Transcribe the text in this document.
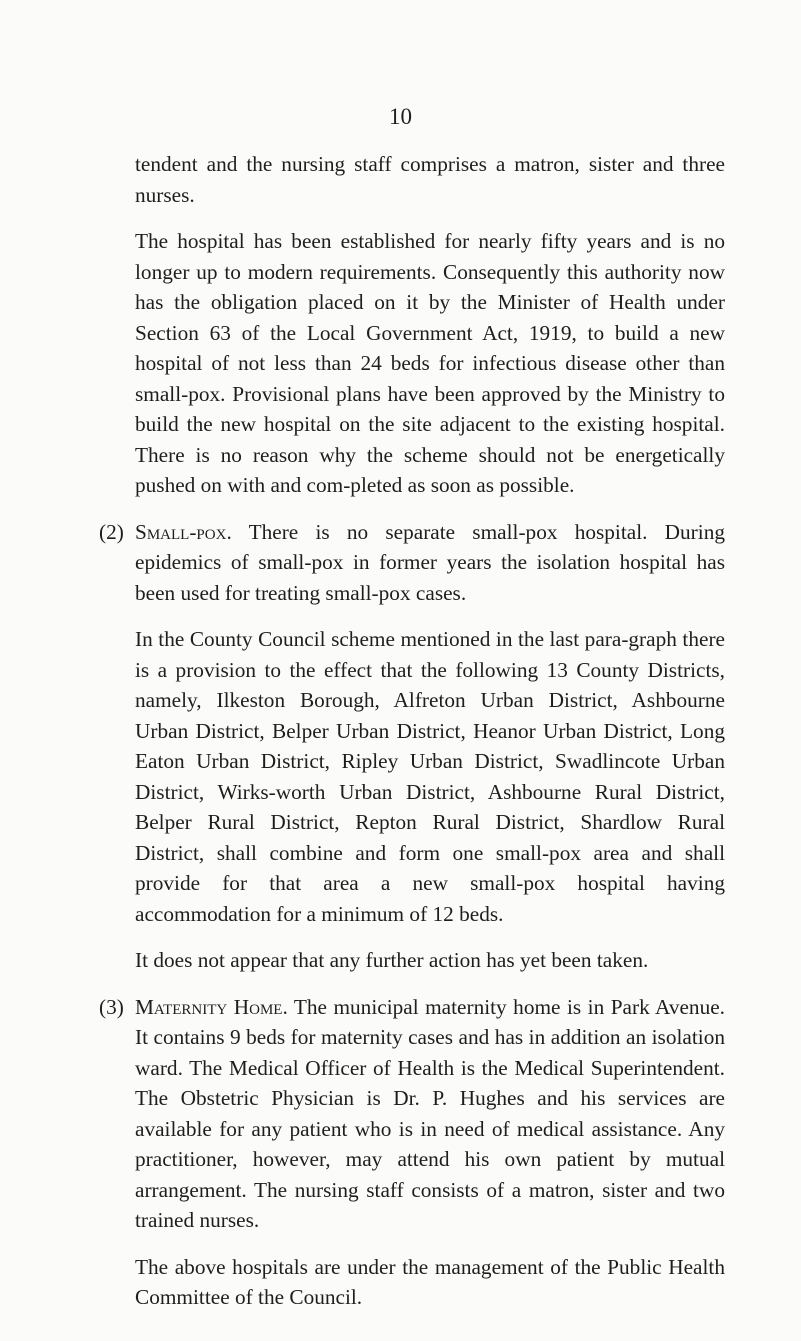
10

tendent and the nursing staff comprises a matron, sister and three nurses.

The hospital has been established for nearly fifty years and is no longer up to modern requirements. Consequently this authority now has the obligation placed on it by the Minister of Health under Section 63 of the Local Government Act, 1919, to build a new hospital of not less than 24 beds for infectious disease other than small-pox. Provisional plans have been approved by the Ministry to build the new hospital on the site adjacent to the existing hospital. There is no reason why the scheme should not be energetically pushed on with and com-pleted as soon as possible.

(2) Small-pox. There is no separate small-pox hospital. During epidemics of small-pox in former years the isolation hospital has been used for treating small-pox cases.

In the County Council scheme mentioned in the last para-graph there is a provision to the effect that the following 13 County Districts, namely, Ilkeston Borough, Alfreton Urban District, Ashbourne Urban District, Belper Urban District, Heanor Urban District, Long Eaton Urban District, Ripley Urban District, Swadlincote Urban District, Wirks-worth Urban District, Ashbourne Rural District, Belper Rural District, Repton Rural District, Shardlow Rural District, shall combine and form one small-pox area and shall provide for that area a new small-pox hospital having accommodation for a minimum of 12 beds.

It does not appear that any further action has yet been taken.

(3) Maternity Home. The municipal maternity home is in Park Avenue. It contains 9 beds for maternity cases and has in addition an isolation ward. The Medical Officer of Health is the Medical Superintendent. The Obstetric Physician is Dr. P. Hughes and his services are available for any patient who is in need of medical assistance. Any practitioner, however, may attend his own patient by mutual arrangement. The nursing staff consists of a matron, sister and two trained nurses.

The above hospitals are under the management of the Public Health Committee of the Council.
